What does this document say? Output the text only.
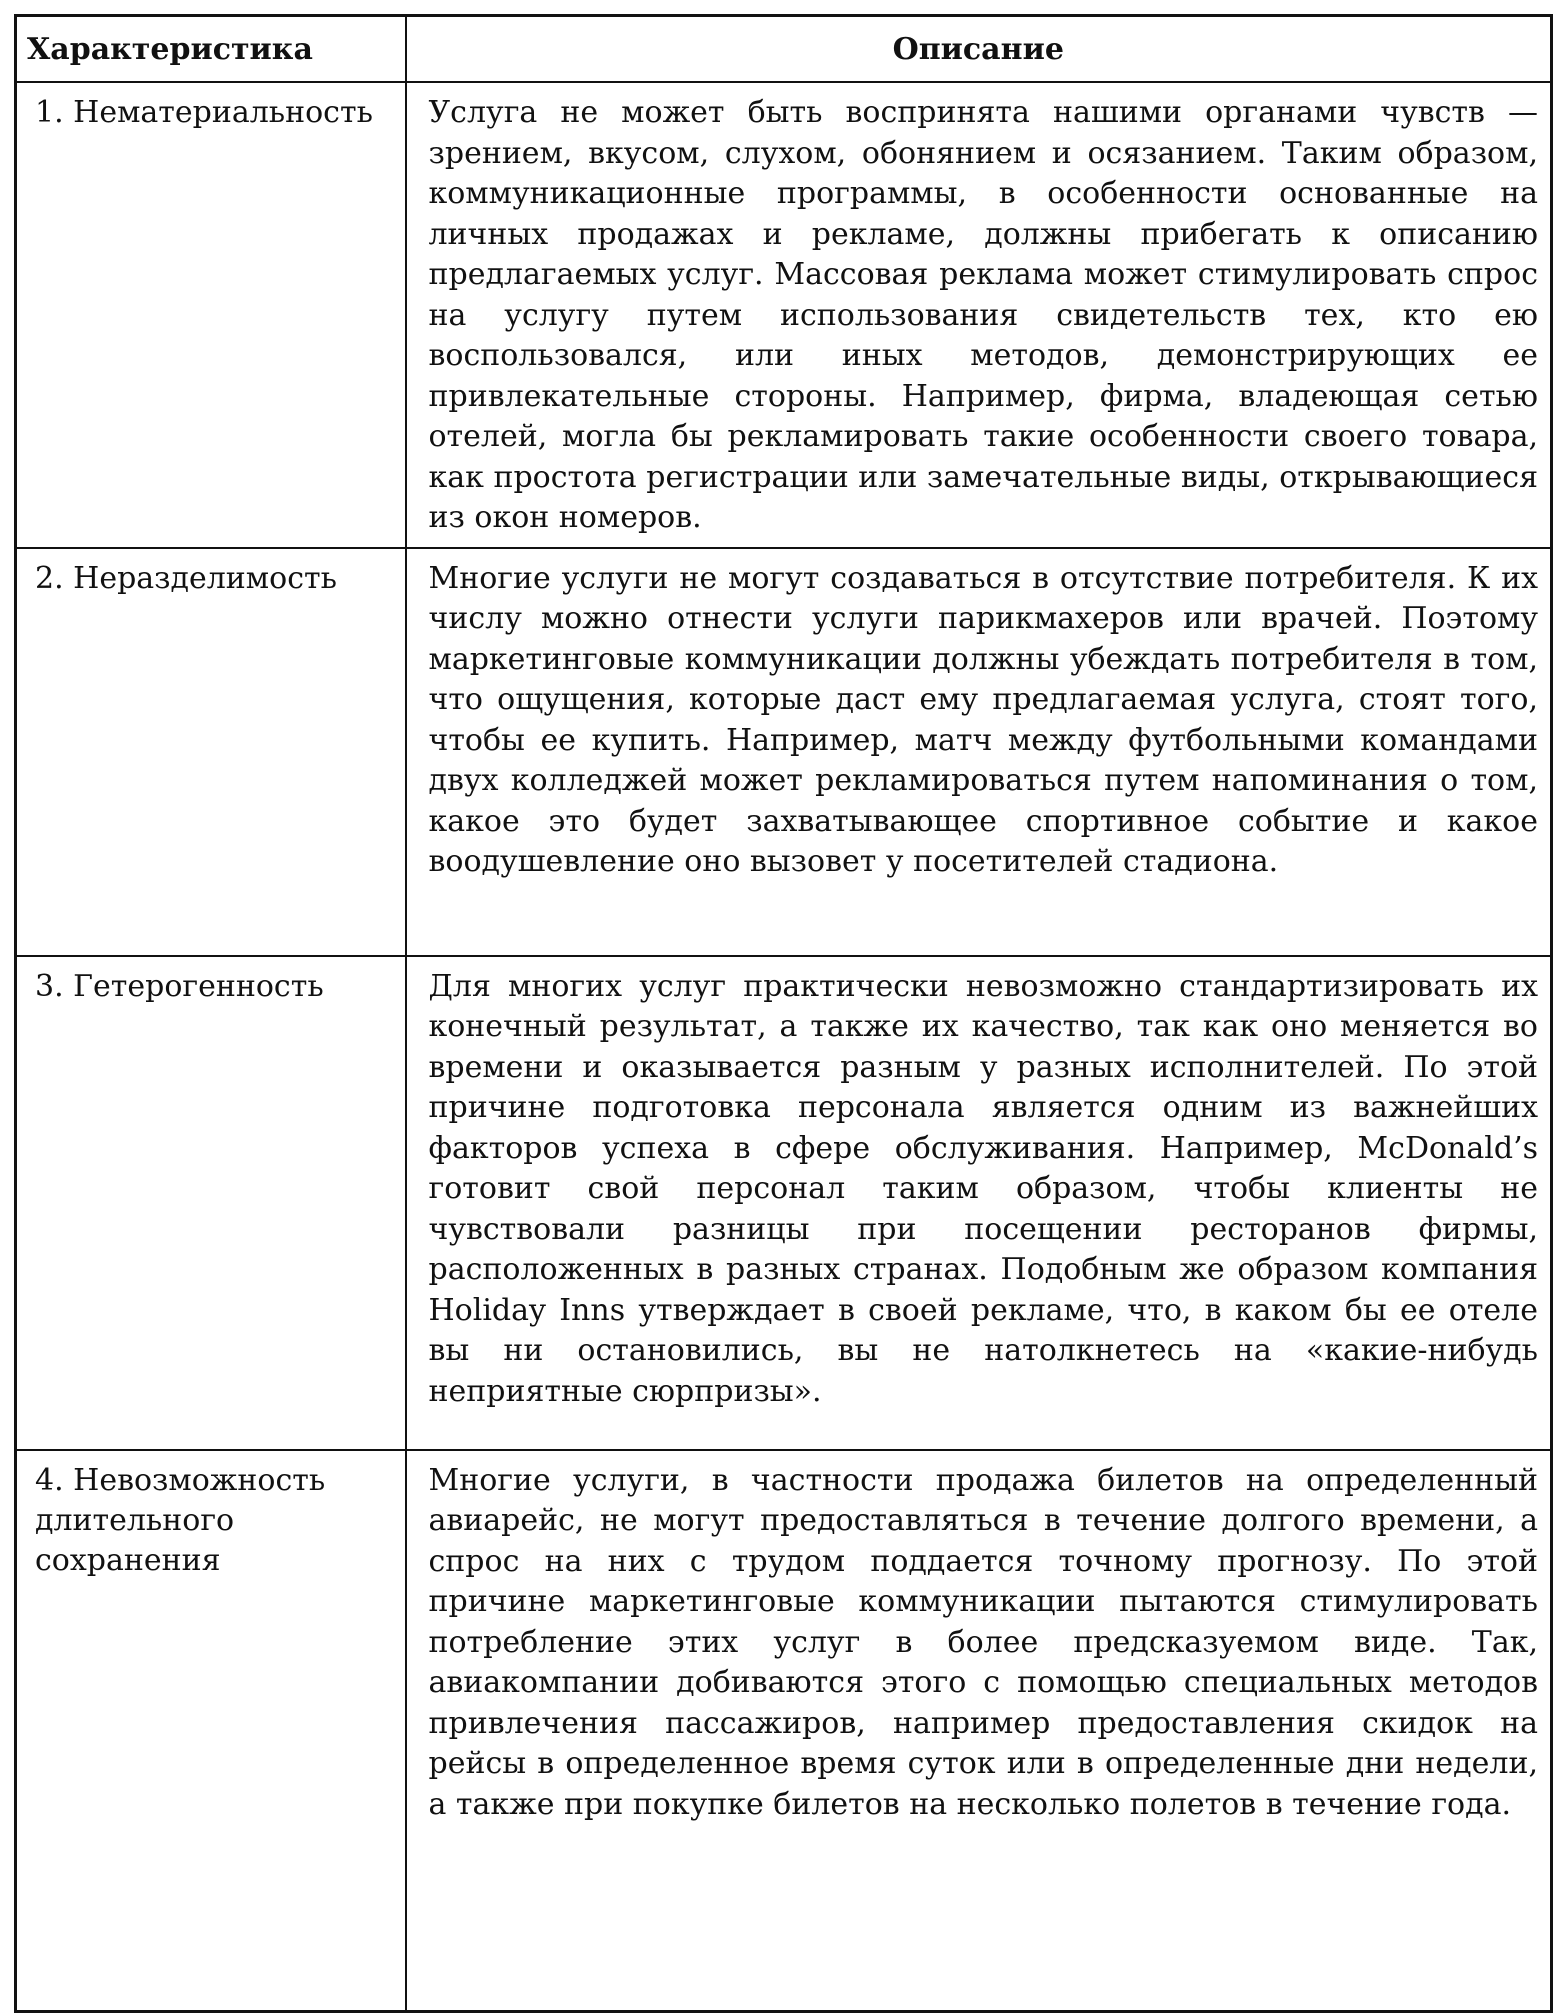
Характеристика	Описание
1. Нематериальность	Услуга не может быть воспринята нашими органами чувств — зрением, вкусом, слухом, обонянием и осязанием. Таким образом, коммуникационные программы, в особенности основанные на личных продажах и рекламе, должны прибегать к описанию предлагаемых услуг. Массовая реклама может стимулировать спрос на услугу путем использования свидетельств тех, кто ею воспользовался, или иных методов, демонстрирующих ее привлекательные стороны. Например, фирма, владеющая сетью отелей, могла бы рекламировать такие особенности своего товара, как простота регистрации или замечательные виды, открывающиеся из окон номеров.

2. Неразделимость	Многие услуги не могут создаваться в отсутствие потребителя. К их числу можно отнести услуги парикмахеров или врачей. Поэтому маркетинговые коммуникации должны убеждать потребителя в том, что ощущения, которые даст ему предлагаемая услуга, стоят того, чтобы ее купить. Например, матч между футбольными командами двух колледжей может рекламироваться путем напоминания о том, какое это будет захватывающее спортивное событие и какое воодушевление оно вызовет у посетителей стадиона.

3. Гетерогенность	Для многих услуг практически невозможно стандартизировать их конечный результат, а также их качество, так как оно меняется во времени и оказывается разным у разных исполнителей. По этой причине подготовка персонала является одним из важнейших факторов успеха в сфере обслуживания. Например, McDonald’s готовит свой персонал таким образом, чтобы клиенты не чувствовали разницы при посещении ресторанов фирмы, расположенных в разных странах. Подобным же образом компания Holiday Inns утверждает в своей рекламе, что, в каком бы ее отеле вы ни остановились, вы не натолкнетесь на «какие-нибудь неприятные сюрпризы».

4. Невозможность длительного сохранения	Многие услуги, в частности продажа билетов на определенный авиарейс, не могут предоставляться в течение долгого времени, а спрос на них с трудом поддается точному прогнозу. По этой причине маркетинговые коммуникации пытаются стимулировать потребление этих услуг в более предсказуемом виде. Так, авиакомпании добиваются этого с помощью специальных методов привлечения пассажиров, например предоставления скидок на рейсы в определенное время суток или в определенные дни недели, а также при покупке билетов на несколько полетов в течение года.
